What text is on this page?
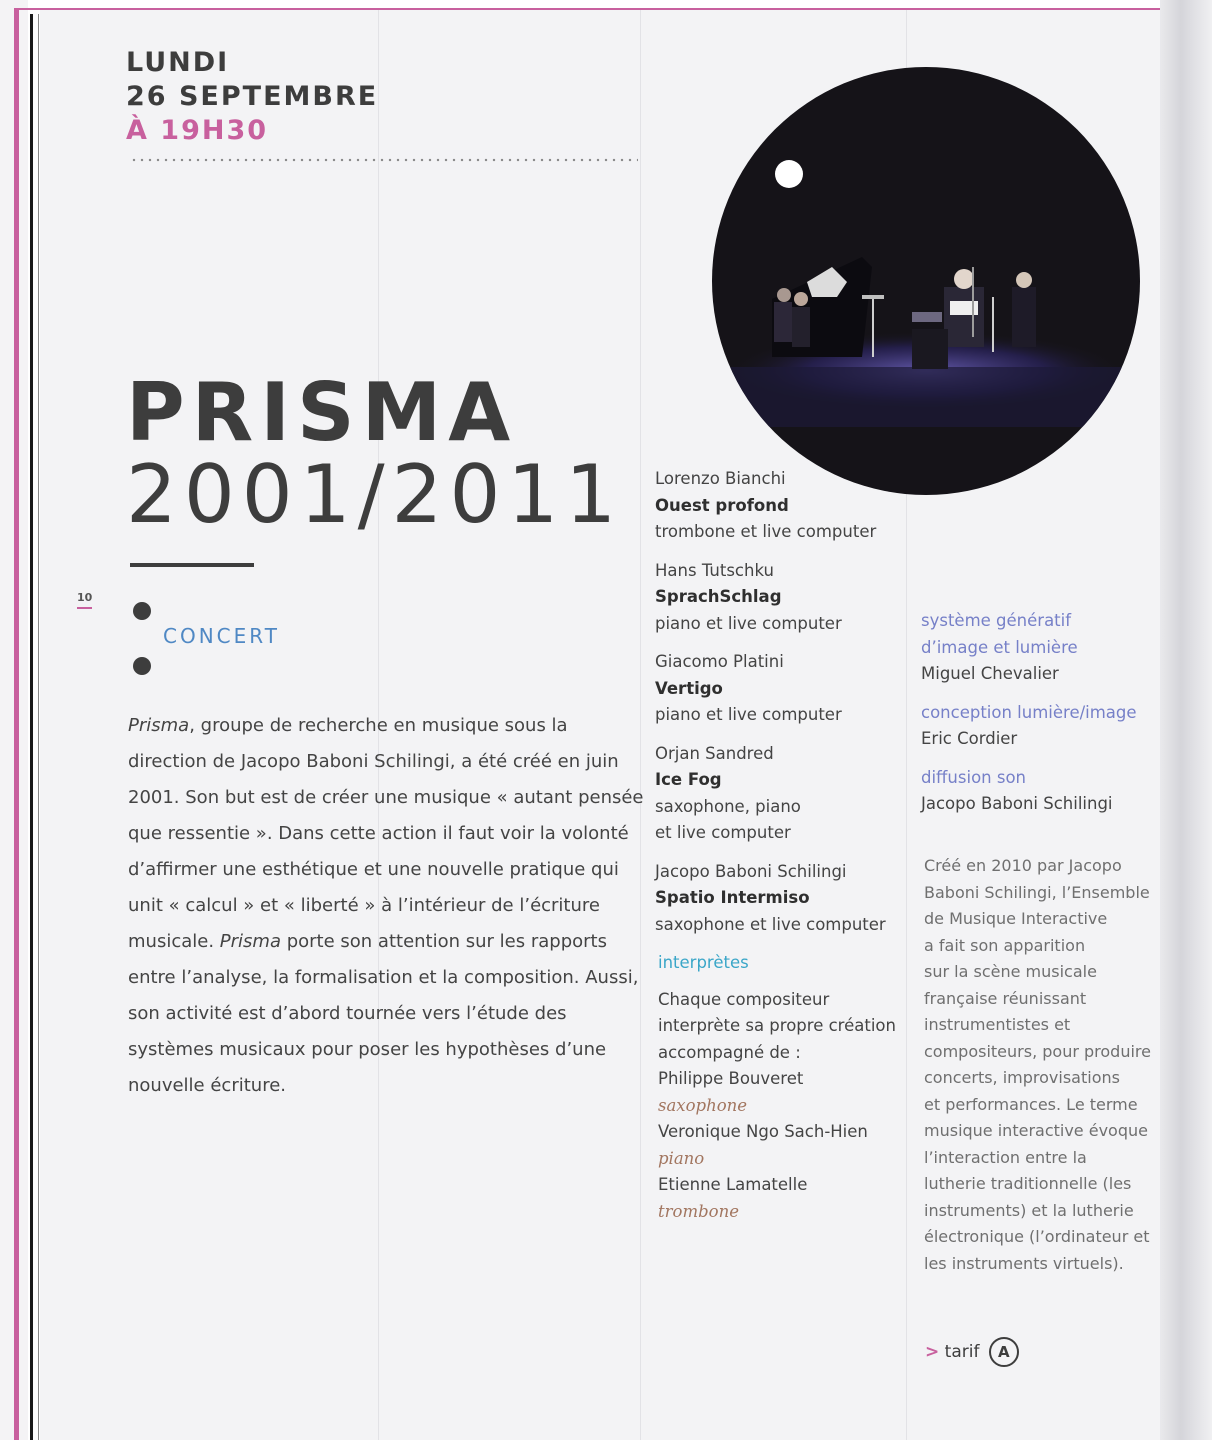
LUNDI
26 SEPTEMBRE
À 19H30
PRISMA
2001/2011
10
CONCERT

Prisma, groupe de recherche en musique sous la direction de Jacopo Baboni Schilingi, a été créé en juin 2001. Son but est de créer une musique « autant pensée que ressentie ». Dans cette action il faut voir la volonté d’affirmer une esthétique et une nouvelle pratique qui unit « calcul » et « liberté » à l’intérieur de l’écriture musicale. Prisma porte son attention sur les rapports entre l’analyse, la formalisation et la composition. Aussi, son activité est d’abord tournée vers l’étude des systèmes musicaux pour poser les hypothèses d’une nouvelle écriture.

Lorenzo Bianchi
Ouest profond
trombone et live computer
Hans Tutschku
SprachSchlag
piano et live computer
Giacomo Platini
Vertigo
piano et live computer
Orjan Sandred
Ice Fog
saxophone, piano
et live computer
Jacopo Baboni Schilingi
Spatio Intermiso
saxophone et live computer
interprètes
Chaque compositeur
interprète sa propre création
accompagné de :
Philippe Bouveret
saxophone
Veronique Ngo Sach-Hien
piano
Etienne Lamatelle
trombone
système génératif
d’image et lumière
Miguel Chevalier
conception lumière/image
Eric Cordier
diffusion son
Jacopo Baboni Schilingi
Créé en 2010 par Jacopo
Baboni Schilingi, l’Ensemble
de Musique Interactive
a fait son apparition
sur la scène musicale
française réunissant
instrumentistes et
compositeurs, pour produire
concerts, improvisations
et performances. Le terme
musique interactive évoque
l’interaction entre la
lutherie traditionnelle (les
instruments) et la lutherie
électronique (l’ordinateur et
les instruments virtuels).
> tarif A
